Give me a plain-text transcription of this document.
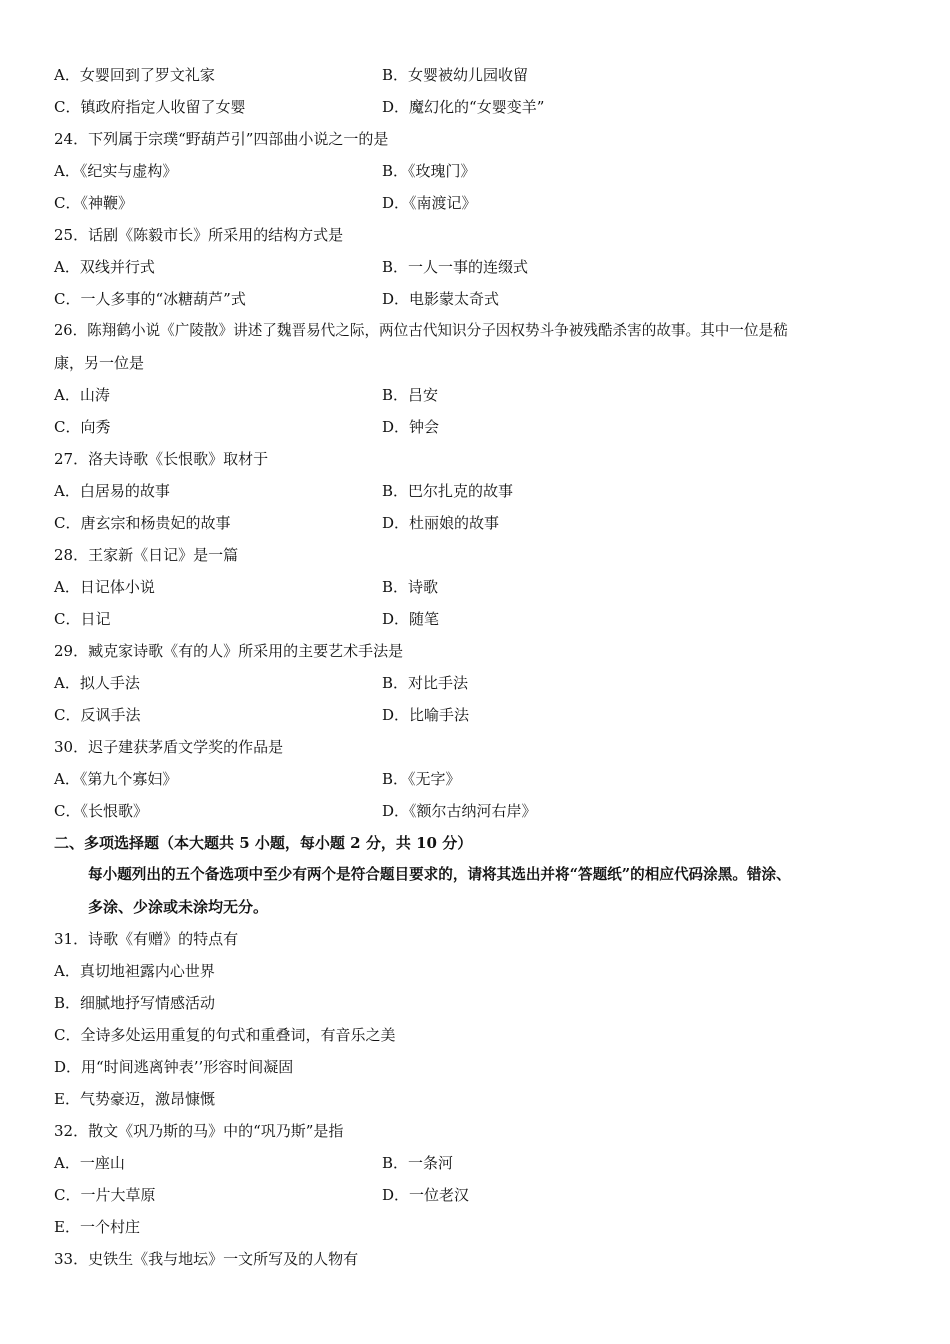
A．女婴回到了罗文礼家	B．女婴被幼儿园收留
C．镇政府指定人收留了女婴	D．魔幻化的“女婴变羊”
24．下列属于宗璞“野葫芦引”四部曲小说之一的是
A．《纪实与虚构》	B．《玫瑰门》
C．《神鞭》	D．《南渡记》
25．话剧《陈毅市长》所采用的结构方式是
A．双线并行式	B．一人一事的连缀式
C．一人多事的“冰糖葫芦”式	D．电影蒙太奇式
26．陈翔鹤小说《广陵散》讲述了魏晋易代之际，两位古代知识分子因权势斗争被残酷杀害的故事。其中一位是嵇
康，另一位是
A．山涛	B．吕安
C．向秀	D．钟会
27．洛夫诗歌《长恨歌》取材于
A．白居易的故事	B．巴尔扎克的故事
C．唐玄宗和杨贵妃的故事	D．杜丽娘的故事
28．王家新《日记》是一篇
A．日记体小说	B．诗歌
C．日记	D．随笔
29．臧克家诗歌《有的人》所采用的主要艺术手法是
A．拟人手法	B．对比手法
C．反讽手法	D．比喻手法
30．迟子建获茅盾文学奖的作品是
A．《第九个寡妇》	B．《无字》
C．《长恨歌》	D．《额尔古纳河右岸》
二、多项选择题（本大题共 5 小题，每小题 2 分，共 10 分）
每小题列出的五个备选项中至少有两个是符合题目要求的，请将其选出并将“答题纸”的相应代码涂黑。错涂、
多涂、少涂或未涂均无分。
31．诗歌《有赠》的特点有
A．真切地袒露内心世界
B．细腻地抒写情感活动
C．全诗多处运用重复的句式和重叠词，有音乐之美
D．用“时间逃离钟表’’形容时间凝固
E．气势豪迈，激昂慷慨
32．散文《巩乃斯的马》中的“巩乃斯”是指
A．一座山	B．一条河
C．一片大草原	D．一位老汉
E．一个村庄
33．史铁生《我与地坛》一文所写及的人物有
